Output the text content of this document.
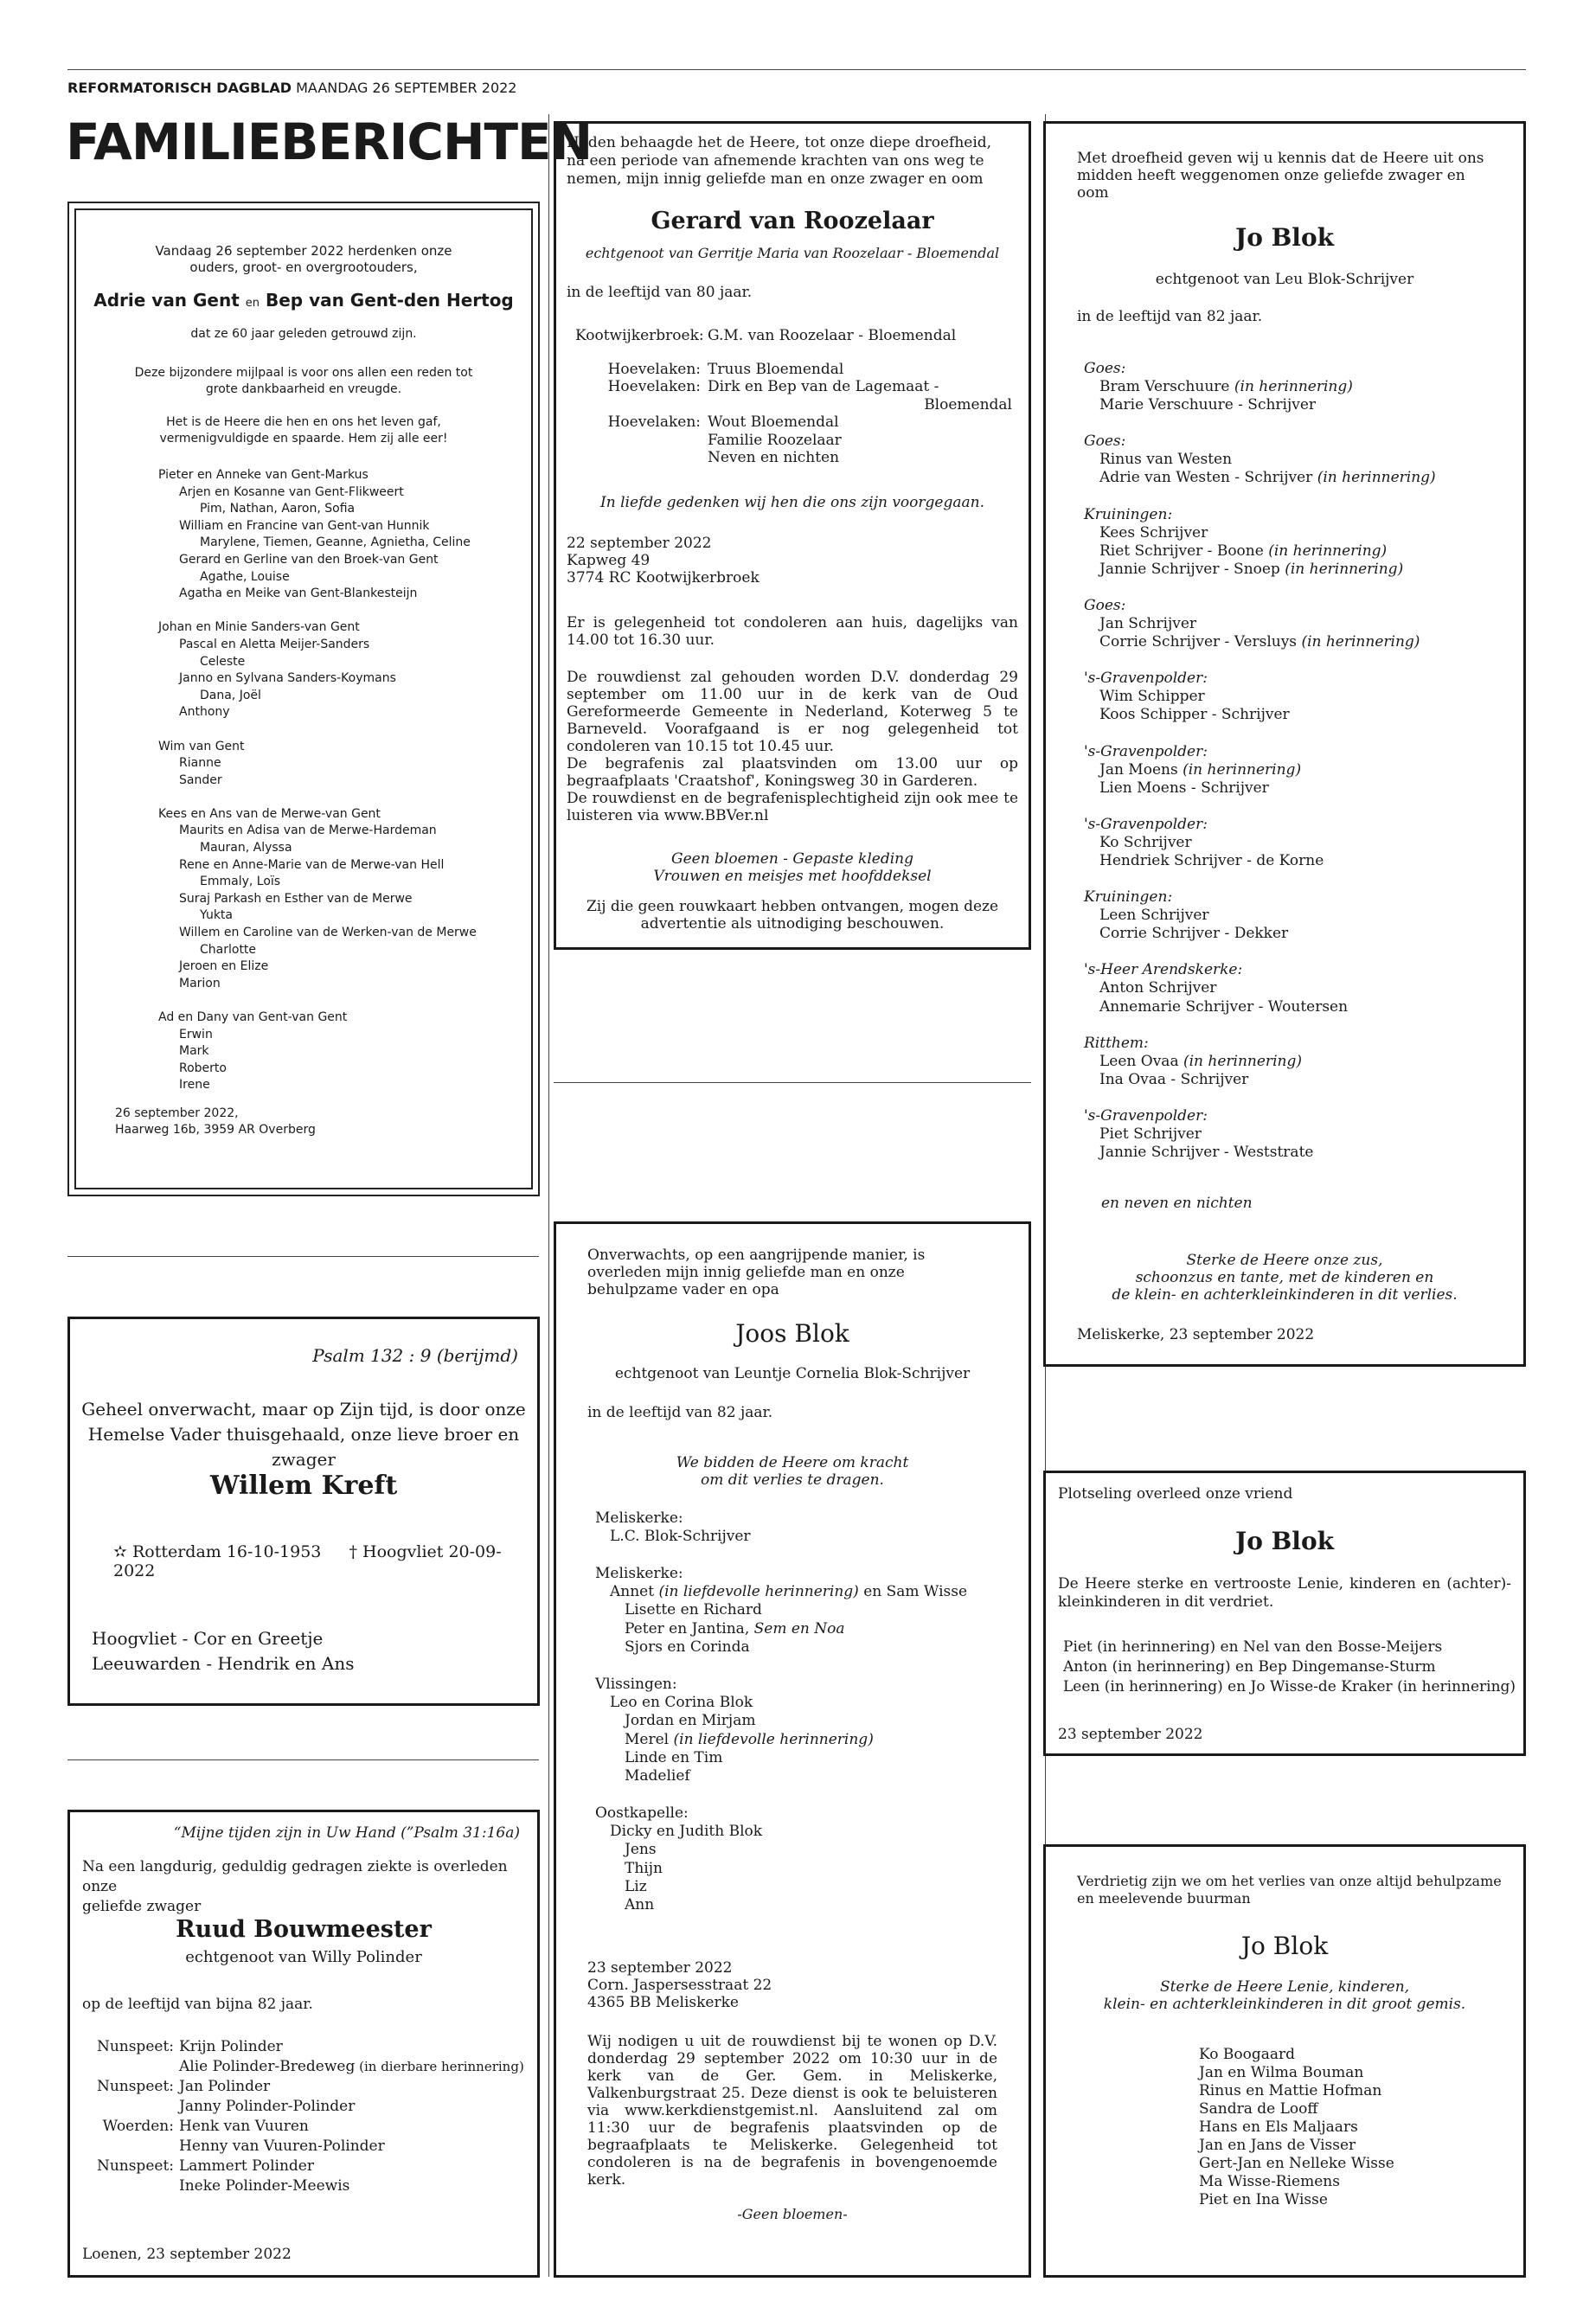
REFORMATORISCH DAGBLAD MAANDAG 26 SEPTEMBER 2022
FAMILIEBERICHTEN
Vandaag 26 september 2022 herdenken onze
ouders, groot- en overgrootouders,
Adrie van Gent en Bep van Gent-den Hertog
dat ze 60 jaar geleden getrouwd zijn.
Deze bijzondere mijlpaal is voor ons allen een reden tot
grote dankbaarheid en vreugde.
Het is de Heere die hen en ons het leven gaf,
vermenigvuldigde en spaarde. Hem zij alle eer!
Pieter en Anneke van Gent-Markus
Arjen en Kosanne van Gent-Flikweert
Pim, Nathan, Aaron, Sofia
William en Francine van Gent-van Hunnik
Marylene, Tiemen, Geanne, Agnietha, Celine
Gerard en Gerline van den Broek-van Gent
Agathe, Louise
Agatha en Meike van Gent-Blankesteijn

Johan en Minie Sanders-van Gent
Pascal en Aletta Meijer-Sanders
Celeste
Janno en Sylvana Sanders-Koymans
Dana, Joël
Anthony

Wim van Gent
Rianne
Sander

Kees en Ans van de Merwe-van Gent
Maurits en Adisa van de Merwe-Hardeman
Mauran, Alyssa
Rene en Anne-Marie van de Merwe-van Hell
Emmaly, Loïs
Suraj Parkash en Esther van de Merwe
Yukta
Willem en Caroline van de Werken-van de Merwe
Charlotte
Jeroen en Elize
Marion

Ad en Dany van Gent-van Gent
Erwin
Mark
Roberto
Irene
26 september 2022,
Haarweg 16b, 3959 AR Overberg
Psalm 132 : 9 (berijmd)
Geheel onverwacht, maar op Zijn tijd, is door onze
Hemelse Vader thuisgehaald, onze lieve broer en zwager
Willem Kreft
✫ Rotterdam 16-10-1953 † Hoogvliet 20-09-2022
Hoogvliet - Cor en Greetje
Leeuwarden - Hendrik en Ans
“Mijne tijden zijn in Uw Hand (”Psalm 31:16a)
Na een langdurig, geduldig gedragen ziekte is overleden onze
geliefde zwager
Ruud Bouwmeester
echtgenoot van Willy Polinder
op de leeftijd van bijna 82 jaar.
Nunspeet: Krijn Polinder
Alie Polinder-Bredeweg (in dierbare herinnering)
Nunspeet: Jan Polinder
Janny Polinder-Polinder
Woerden: Henk van Vuuren
Henny van Vuuren-Polinder
Nunspeet: Lammert Polinder
Ineke Polinder-Meewis
Loenen, 23 september 2022
Heden behaagde het de Heere, tot onze diepe droefheid,
na een periode van afnemende krachten van ons weg te
nemen, mijn innig geliefde man en onze zwager en oom
Gerard van Roozelaar
echtgenoot van Gerritje Maria van Roozelaar - Bloemendal
in de leeftijd van 80 jaar.
Kootwijkerbroek: G.M. van Roozelaar - Bloemendal
Hoevelaken: Truus Bloemendal
Hoevelaken: Dirk en Bep van de Lagemaat -
Bloemendal
Hoevelaken: Wout Bloemendal
Familie Roozelaar
Neven en nichten
In liefde gedenken wij hen die ons zijn voorgegaan.
22 september 2022
Kapweg 49
3774 RC Kootwijkerbroek
Er is gelegenheid tot condoleren aan huis, dagelijks van 14.00 tot 16.30 uur.
De rouwdienst zal gehouden worden D.V. donderdag 29 september om 11.00 uur in de kerk van de Oud Gereformeerde Gemeente in Nederland, Koterweg 5 te Barneveld. Voorafgaand is er nog gelegenheid tot condoleren van 10.15 tot 10.45 uur.
De begrafenis zal plaatsvinden om 13.00 uur op begraafplaats 'Craatshof', Koningsweg 30 in Garderen.
De rouwdienst en de begrafenisplechtigheid zijn ook mee te luisteren via www.BBVer.nl
Geen bloemen - Gepaste kleding
Vrouwen en meisjes met hoofddeksel
Zij die geen rouwkaart hebben ontvangen, mogen deze
advertentie als uitnodiging beschouwen.
Onverwachts, op een aangrijpende manier, is overleden mijn innig geliefde man en onze behulpzame vader en opa
Joos Blok
echtgenoot van Leuntje Cornelia Blok-Schrijver
in de leeftijd van 82 jaar.
We bidden de Heere om kracht
om dit verlies te dragen.
Meliskerke:
L.C. Blok-Schrijver

Meliskerke:
Annet (in liefdevolle herinnering) en Sam Wisse
Lisette en Richard
Peter en Jantina, Sem en Noa
Sjors en Corinda

Vlissingen:
Leo en Corina Blok
Jordan en Mirjam
Merel (in liefdevolle herinnering)
Linde en Tim
Madelief

Oostkapelle:
Dicky en Judith Blok
Jens
Thijn
Liz
Ann
23 september 2022
Corn. Jaspersesstraat 22
4365 BB Meliskerke
Wij nodigen u uit de rouwdienst bij te wonen op D.V. donderdag 29 september 2022 om 10:30 uur in de kerk van de Ger. Gem. in Meliskerke, Valkenburgstraat 25. Deze dienst is ook te beluisteren via www.kerkdienstgemist.nl. Aansluitend zal om 11:30 uur de begrafenis plaatsvinden op de begraafplaats te Meliskerke. Gelegenheid tot condoleren is na de begrafenis in bovengenoemde kerk.
-Geen bloemen-
Met droefheid geven wij u kennis dat de Heere uit ons midden heeft weggenomen onze geliefde zwager en oom
Jo Blok
echtgenoot van Leu Blok-Schrijver
in de leeftijd van 82 jaar.
Goes:
Bram Verschuure (in herinnering)
Marie Verschuure - Schrijver
Goes:
Rinus van Westen
Adrie van Westen - Schrijver (in herinnering)
Kruiningen:
Kees Schrijver
Riet Schrijver - Boone (in herinnering)
Jannie Schrijver - Snoep (in herinnering)
Goes:
Jan Schrijver
Corrie Schrijver - Versluys (in herinnering)
's-Gravenpolder:
Wim Schipper
Koos Schipper - Schrijver
's-Gravenpolder:
Jan Moens (in herinnering)
Lien Moens - Schrijver
's-Gravenpolder:
Ko Schrijver
Hendriek Schrijver - de Korne
Kruiningen:
Leen Schrijver
Corrie Schrijver - Dekker
's-Heer Arendskerke:
Anton Schrijver
Annemarie Schrijver - Woutersen
Ritthem:
Leen Ovaa (in herinnering)
Ina Ovaa - Schrijver
's-Gravenpolder:
Piet Schrijver
Jannie Schrijver - Weststrate
en neven en nichten
Sterke de Heere onze zus,
schoonzus en tante, met de kinderen en
de klein- en achterkleinkinderen in dit verlies.
Meliskerke, 23 september 2022
Plotseling overleed onze vriend
Jo Blok
De Heere sterke en vertrooste Lenie, kinderen en (achter)-kleinkinderen in dit verdriet.
Piet (in herinnering) en Nel van den Bosse-Meijers
Anton (in herinnering) en Bep Dingemanse-Sturm
Leen (in herinnering) en Jo Wisse-de Kraker (in herinnering)
23 september 2022
Verdrietig zijn we om het verlies van onze altijd behulpzame
en meelevende buurman
Jo Blok
Sterke de Heere Lenie, kinderen,
klein- en achterkleinkinderen in dit groot gemis.
Ko Boogaard
Jan en Wilma Bouman
Rinus en Mattie Hofman
Sandra de Looff
Hans en Els Maljaars
Jan en Jans de Visser
Gert-Jan en Nelleke Wisse
Ma Wisse-Riemens
Piet en Ina Wisse
